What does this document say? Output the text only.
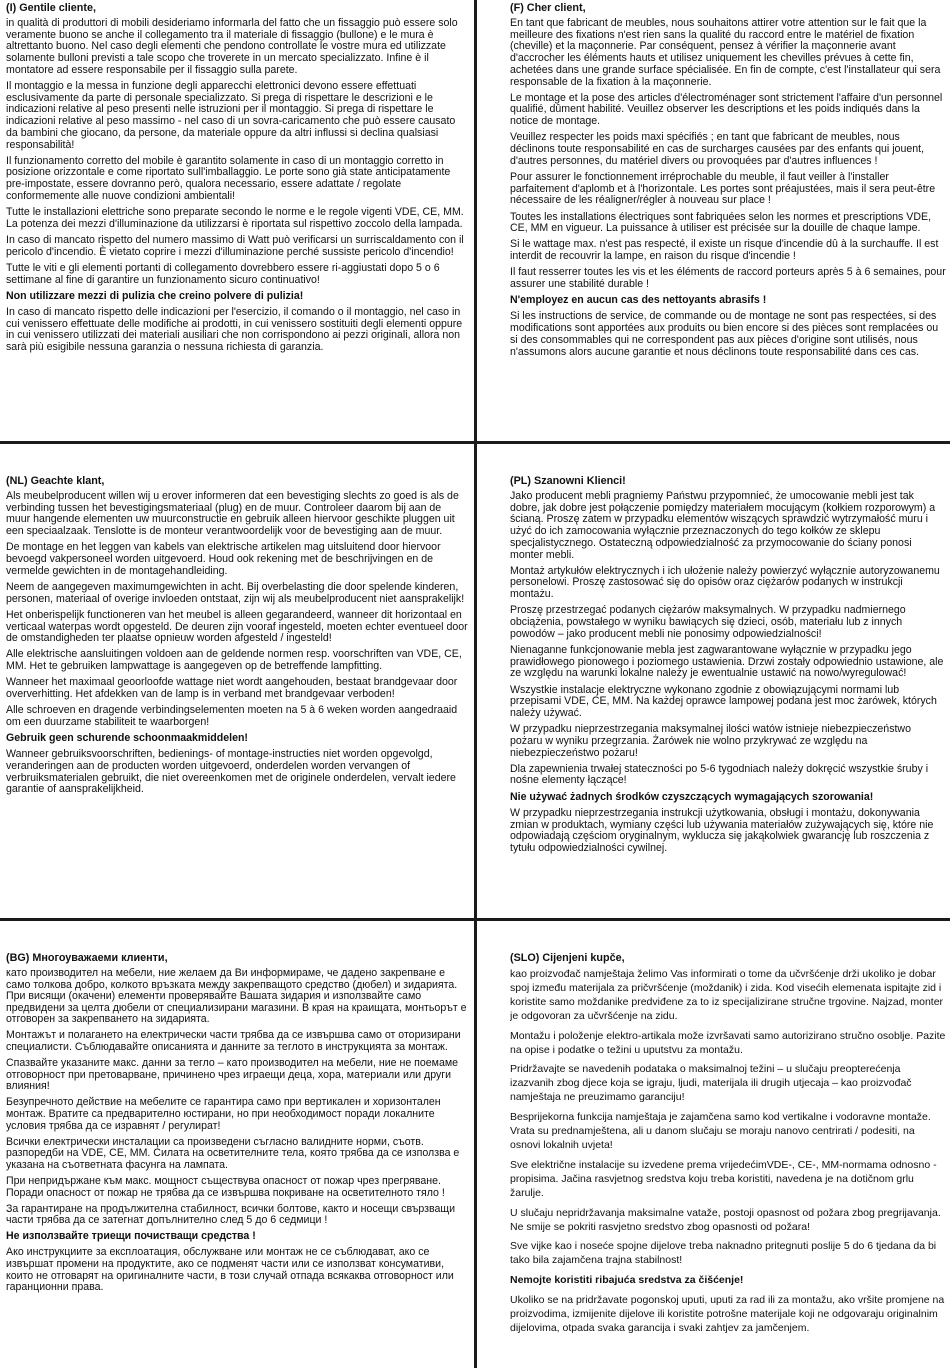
(I) Gentile cliente,

in qualità di produttori di mobili desideriamo informarla del fatto che un fissaggio può essere solo veramente buono se anche il collegamento tra il materiale di fissaggio (bullone) e le mura è altrettanto buono. Nel caso degli elementi che pendono controllate le vostre mura ed utilizzate solamente bulloni previsti a tale scopo che troverete in un mercato specializzato. Infine è il montatore ad essere responsabile per il fissaggio sulla parete.

Il montaggio e la messa in funzione degli apparecchi elettronici devono essere effettuati esclusivamente da parte di personale specializzato. Si prega di rispettare le descrizioni e le indicazioni relative al peso presenti nelle istruzioni per il montaggio. Si prega di rispettare le indicazioni relative al peso massimo - nel caso di un sovra-caricamento che può essere causato da bambini che giocano, da persone, da materiale oppure da altri influssi si declina qualsiasi responsabilità!

Il funzionamento corretto del mobile è garantito solamente in caso di un montaggio corretto in posizione orizzontale e come riportato sull'imballaggio. Le porte sono già state anticipatamente pre-impostate, essere dovranno però, qualora necessario, essere adattate / regolate conformemente alle nuove condizioni ambientali!

Tutte le installazioni elettriche sono preparate secondo le norme e le regole vigenti VDE, CE, MM. La potenza dei mezzi d'illuminazione da utilizzarsi è riportata sul rispettivo zoccolo della lampada.

In caso di mancato rispetto del numero massimo di Watt può verificarsi un surriscaldamento con il pericolo d'incendio. È vietato coprire i mezzi d'illuminazione perché sussiste pericolo d'incendio!

Tutte le viti e gli elementi portanti di collegamento dovrebbero essere ri-aggiustati dopo 5 o 6 settimane al fine di garantire un funzionamento sicuro continuativo!

Non utilizzare mezzi di pulizia che creino polvere di pulizia!

In caso di mancato rispetto delle indicazioni per l'esercizio, il comando o il montaggio, nel caso in cui venissero effettuate delle modifiche ai prodotti, in cui venissero sostituiti degli elementi oppure in cui venissero utilizzati dei materiali ausiliari che non corrispondono ai pezzi originali, allora non sarà più esigibile nessuna garanzia o nessuna richiesta di garanzia.

(F) Cher client,

En tant que fabricant de meubles, nous souhaitons attirer votre attention sur le fait que la meilleure des fixations n'est rien sans la qualité du raccord entre le matériel de fixation (cheville) et la maçonnerie. Par conséquent, pensez à vérifier la maçonnerie avant d'accrocher les éléments hauts et utilisez uniquement les chevilles prévues à cette fin, achetées dans une grande surface spécialisée. En fin de compte, c'est l'installateur qui sera responsable de la fixation à la maçonnerie.

Le montage et la pose des articles d'électroménager sont strictement l'affaire d'un personnel qualifié, dûment habilité. Veuillez observer les descriptions et les poids indiqués dans la notice de montage.

Veuillez respecter les poids maxi spécifiés ; en tant que fabricant de meubles, nous déclinons toute responsabilité en cas de surcharges causées par des enfants qui jouent, d'autres personnes, du matériel divers ou provoquées par d'autres influences !

Pour assurer le fonctionnement irréprochable du meuble, il faut veiller à l'installer parfaitement d'aplomb et à l'horizontale. Les portes sont préajustées, mais il sera peut-être nécessaire de les réaligner/régler à nouveau sur place !

Toutes les installations électriques sont fabriquées selon les normes et prescriptions VDE, CE, MM en vigueur. La puissance à utiliser est précisée sur la douille de chaque lampe.

Si le wattage max. n'est pas respecté, il existe un risque d'incendie dû à la surchauffe. Il est interdit de recouvrir la lampe, en raison du risque d'incendie !

Il faut resserrer toutes les vis et les éléments de raccord porteurs après 5 à 6 semaines, pour assurer une stabilité durable !

N'employez en aucun cas des nettoyants abrasifs !

Si les instructions de service, de commande ou de montage ne sont pas respectées, si des modifications sont apportées aux produits ou bien encore si des pièces sont remplacées ou si des consommables qui ne correspondent pas aux pièces d'origine sont utilisés, nous n'assumons alors aucune garantie et nous déclinons toute responsabilité dans ces cas.

(NL) Geachte klant,

Als meubelproducent willen wij u erover informeren dat een bevestiging slechts zo goed is als de verbinding tussen het bevestigingsmateriaal (plug) en de muur. Controleer daarom bij aan de muur hangende elementen uw muurconstructie en gebruik alleen hiervoor geschikte pluggen uit een speciaalzaak. Tenslotte is de monteur verantwoordelijk voor de bevestiging aan de muur.

De montage en het leggen van kabels van elektrische artikelen mag uitsluitend door hiervoor bevoegd vakpersoneel worden uitgevoerd. Houd ook rekening met de beschrijvingen en de vermelde gewichten in de montagehandleiding.

Neem de aangegeven maximumgewichten in acht. Bij overbelasting die door spelende kinderen, personen, materiaal of overige invloeden ontstaat, zijn wij als meubelproducent niet aansprakelijk!

Het onberispelijk functioneren van het meubel is alleen gegarandeerd, wanneer dit horizontaal en verticaal waterpas wordt opgesteld. De deuren zijn vooraf ingesteld, moeten echter eventueel door de omstandigheden ter plaatse opnieuw worden afgesteld / ingesteld!

Alle elektrische aansluitingen voldoen aan de geldende normen resp. voorschriften van VDE, CE, MM. Het te gebruiken lampwattage is aangegeven op de betreffende lampfitting.

Wanneer het maximaal geoorloofde wattage niet wordt aangehouden, bestaat brandgevaar door oververhitting. Het afdekken van de lamp is in verband met brandgevaar verboden!

Alle schroeven en dragende verbindingselementen moeten na 5 à 6 weken worden aangedraaid om een duurzame stabiliteit te waarborgen!

Gebruik geen schurende schoonmaakmiddelen!

Wanneer gebruiksvoorschriften, bedienings- of montage-instructies niet worden opgevolgd, veranderingen aan de producten worden uitgevoerd, onderdelen worden vervangen of verbruiksmaterialen gebruikt, die niet overeenkomen met de originele onderdelen, vervalt iedere garantie of aansprakelijkheid.

(PL) Szanowni Klienci!

Jako producent mebli pragniemy Państwu przypomnieć, że umocowanie mebli jest tak dobre, jak dobre jest połączenie pomiędzy materiałem mocującym (kołkiem rozporowym) a ścianą. Proszę zatem w przypadku elementów wiszących sprawdzić wytrzymałość muru i użyć do ich zamocowania wyłącznie przeznaczonych do tego kołków ze sklepu specjalistycznego. Ostateczną odpowiedzialność za przymocowanie do ściany ponosi monter mebli.

Montaż artykułów elektrycznych i ich ułożenie należy powierzyć wyłącznie autoryzowanemu personelowi. Proszę zastosować się do opisów oraz ciężarów podanych w instrukcji montażu.

Proszę przestrzegać podanych ciężarów maksymalnych. W przypadku nadmiernego obciążenia, powstałego w wyniku bawiących się dzieci, osób, materiału lub z innych powodów – jako producent mebli nie ponosimy odpowiedzialności!

Nienaganne funkcjonowanie mebla jest zagwarantowane wyłącznie w przypadku jego prawidłowego pionowego i poziomego ustawienia. Drzwi zostały odpowiednio ustawione, ale ze względu na warunki lokalne należy je ewentualnie ustawić na nowo/wyregulować!

Wszystkie instalacje elektryczne wykonano zgodnie z obowiązującymi normami lub przepisami VDE, CE, MM. Na każdej oprawce lampowej podana jest moc żarówek, których należy używać.

W przypadku nieprzestrzegania maksymalnej ilości watów istnieje niebezpieczeństwo pożaru w wyniku przegrzania. Żarówek nie wolno przykrywać ze względu na niebezpieczeństwo pożaru!

Dla zapewnienia trwałej stateczności po 5-6 tygodniach należy dokręcić wszystkie śruby i nośne elementy łączące!

Nie używać żadnych środków czyszczących wymagających szorowania!

W przypadku nieprzestrzegania instrukcji użytkowania, obsługi i montażu, dokonywania zmian w produktach, wymiany części lub używania materiałów zużywających się, które nie odpowiadają częściom oryginalnym, wyklucza się jakąkolwiek gwarancję lub roszczenia z tytułu odpowiedzialności cywilnej.

(BG) Многоуважаеми клиенти,

като производител на мебели, ние желаем да Ви информираме, че дадено закрепване е само толкова добро, колкото връзката между закрепващото средство (дюбел) и зидарията. При висящи (окачени) елементи проверявайте Вашата зидария и използвайте само предвидени за целта дюбели от специализирани магазини. В края на краищата, монтьорът е отговорен за закрепването на зидарията.

Монтажът и полагането на електрически части трябва да се извършва само от оторизирани специалисти. Съблюдавайте описанията и данните за теглото в инструкцията за монтаж.

Спазвайте указаните макс. данни за тегло – като производител на мебели, ние не поемаме отговорност при претоварване, причинено чрез играещи деца, хора, материали или други влияния!

Безупречното действие на мебелите се гарантира само при вертикален и хоризонтален монтаж. Вратите са предварително юстирани, но при необходимост поради локалните условия трябва да се изравнят / регулират!

Всички електрически инсталации са произведени съгласно валидните норми, съотв. разпоредби на VDE, CE, MM. Силата на осветителните тела, която трябва да се използва е указана на съответната фасунга на лампата.

При непридържане към макс. мощност съществува опасност от пожар чрез прегряване. Поради опасност от пожар не трябва да се извършва покриване на осветителното тяло !

За гарантиране на продължителна стабилност, всички болтове, както и носещи свързващи части трябва да се затегнат допълнително след 5 до 6 седмици !

Не използвайте триещи почистващи средства !

Ако инструкциите за експлоатация, обслужване или монтаж не се съблюдават, ако се извършат промени на продуктите, ако се подменят части или се използват консумативи, които не отговарят на оригиналните части, в този случай отпада всякаква отговорност или гаранционни права.

(SLO) Cijenjeni kupče,

kao proizvođač namještaja želimo Vas informirati o tome da učvršćenje drži ukoliko je dobar spoj između materijala za pričvršćenje (moždanik) i zida. Kod visećih elemenata ispitajte zid i koristite samo moždanike predviđene za to iz specijalizirane stručne trgovine. Najzad, monter je odgovoran za učvršćenje na zidu.

Montažu i položenje elektro-artikala može izvršavati samo autorizirano stručno osoblje. Pazite na opise i podatke o težini u uputstvu za montažu.

Pridržavajte se navedenih podataka o maksimalnoj težini – u slučaju preopterećenja izazvanih zbog djece koja se igraju, ljudi, materijala ili drugih utjecaja – kao proizvođač namještaja ne preuzimamo garanciju!

Besprijekorna funkcija namještaja je zajamčena samo kod vertikalne i vodoravne montaže. Vrata su prednamještena, ali u danom slučaju se moraju nanovo centrirati / podesiti, na osnovi lokalnih uvjeta!

Sve električne instalacije su izvedene prema vrijedećimVDE-, CE-, MM-normama odnosno -propisima. Jačina rasvjetnog sredstva koju treba koristiti, navedena je na dotičnom grlu žarulje.

U slučaju nepridržavanja maksimalne vataže, postoji opasnost od požara zbog pregrijavanja. Ne smije se pokriti rasvjetno sredstvo zbog opasnosti od požara!

Sve vijke kao i noseće spojne dijelove treba naknadno pritegnuti poslije 5 do 6 tjedana da bi tako bila zajamčena trajna stabilnost!

Nemojte koristiti ribajuća sredstva za čišćenje!

Ukoliko se na pridržavate pogonskoj uputi, uputi za rad ili za montažu, ako vršite promjene na proizvodima, izmijenite dijelove ili koristite potrošne materijale koji ne odgovaraju originalnim dijelovima, otpada svaka garancija i svaki zahtjev za jamčenjem.
